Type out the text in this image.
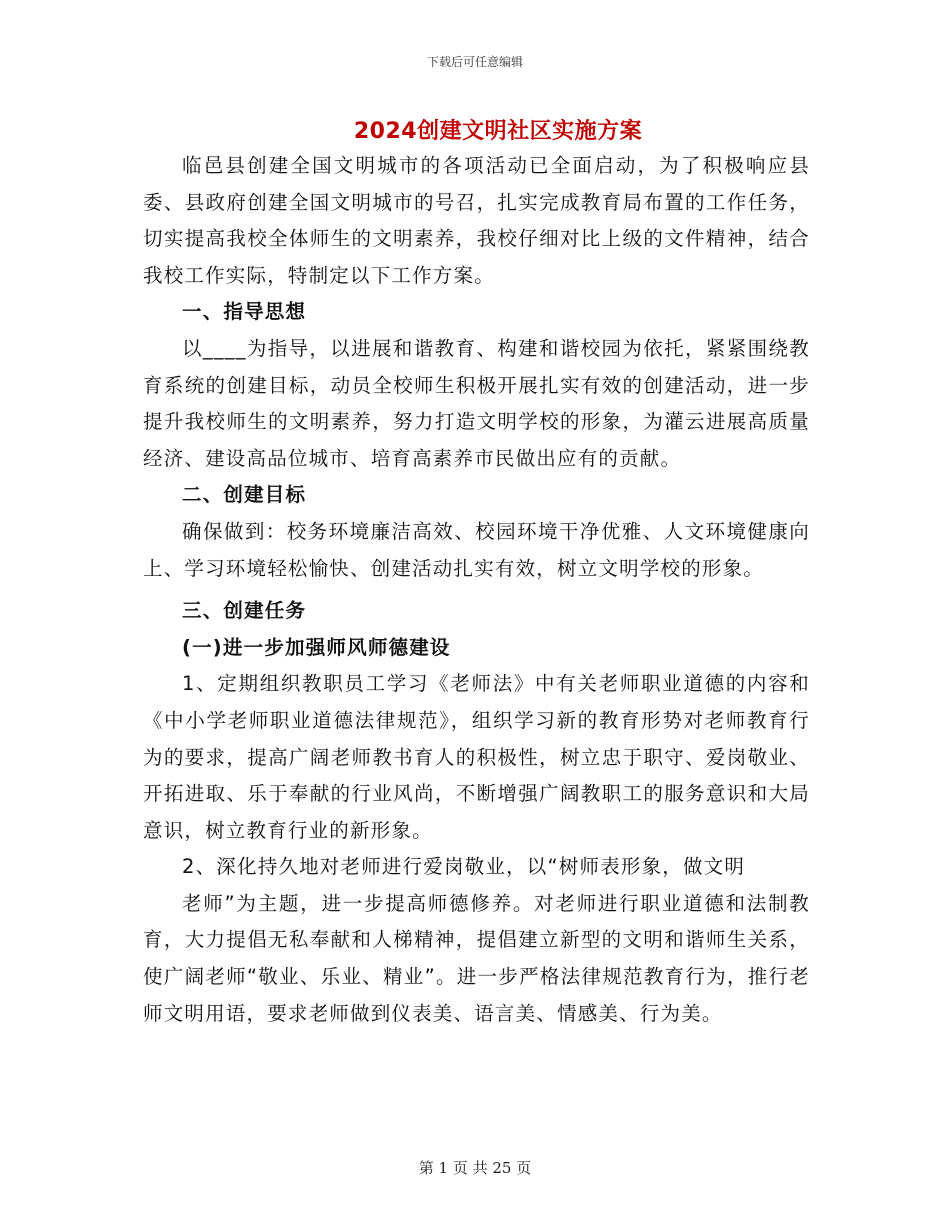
下载后可任意编辑
2024创建文明社区实施方案

临邑县创建全国文明城市的各项活动已全面启动，为了积极响应县委、县政府创建全国文明城市的号召，扎实完成教育局布置的工作任务，切实提高我校全体师生的文明素养，我校仔细对比上级的文件精神，结合我校工作实际，特制定以下工作方案。

一、指导思想

以____为指导，以进展和谐教育、构建和谐校园为依托，紧紧围绕教育系统的创建目标，动员全校师生积极开展扎实有效的创建活动，进一步提升我校师生的文明素养，努力打造文明学校的形象，为灌云进展高质量经济、建设高品位城市、培育高素养市民做出应有的贡献。

二、创建目标

确保做到：校务环境廉洁高效、校园环境干净优雅、人文环境健康向上、学习环境轻松愉快、创建活动扎实有效，树立文明学校的形象。

三、创建任务

(一)进一步加强师风师德建设

1、定期组织教职员工学习《老师法》中有关老师职业道德的内容和《中小学老师职业道德法律规范》，组织学习新的教育形势对老师教育行为的要求，提高广阔老师教书育人的积极性，树立忠于职守、爱岗敬业、开拓进取、乐于奉献的行业风尚，不断增强广阔教职工的服务意识和大局意识，树立教育行业的新形象。

2、深化持久地对老师进行爱岗敬业，以“树师表形象，做文明

老师”为主题，进一步提高师德修养。对老师进行职业道德和法制教育，大力提倡无私奉献和人梯精神，提倡建立新型的文明和谐师生关系，使广阔老师“敬业、乐业、精业”。进一步严格法律规范教育行为，推行老师文明用语，要求老师做到仪表美、语言美、情感美、行为美。

第 1 页 共 25 页
